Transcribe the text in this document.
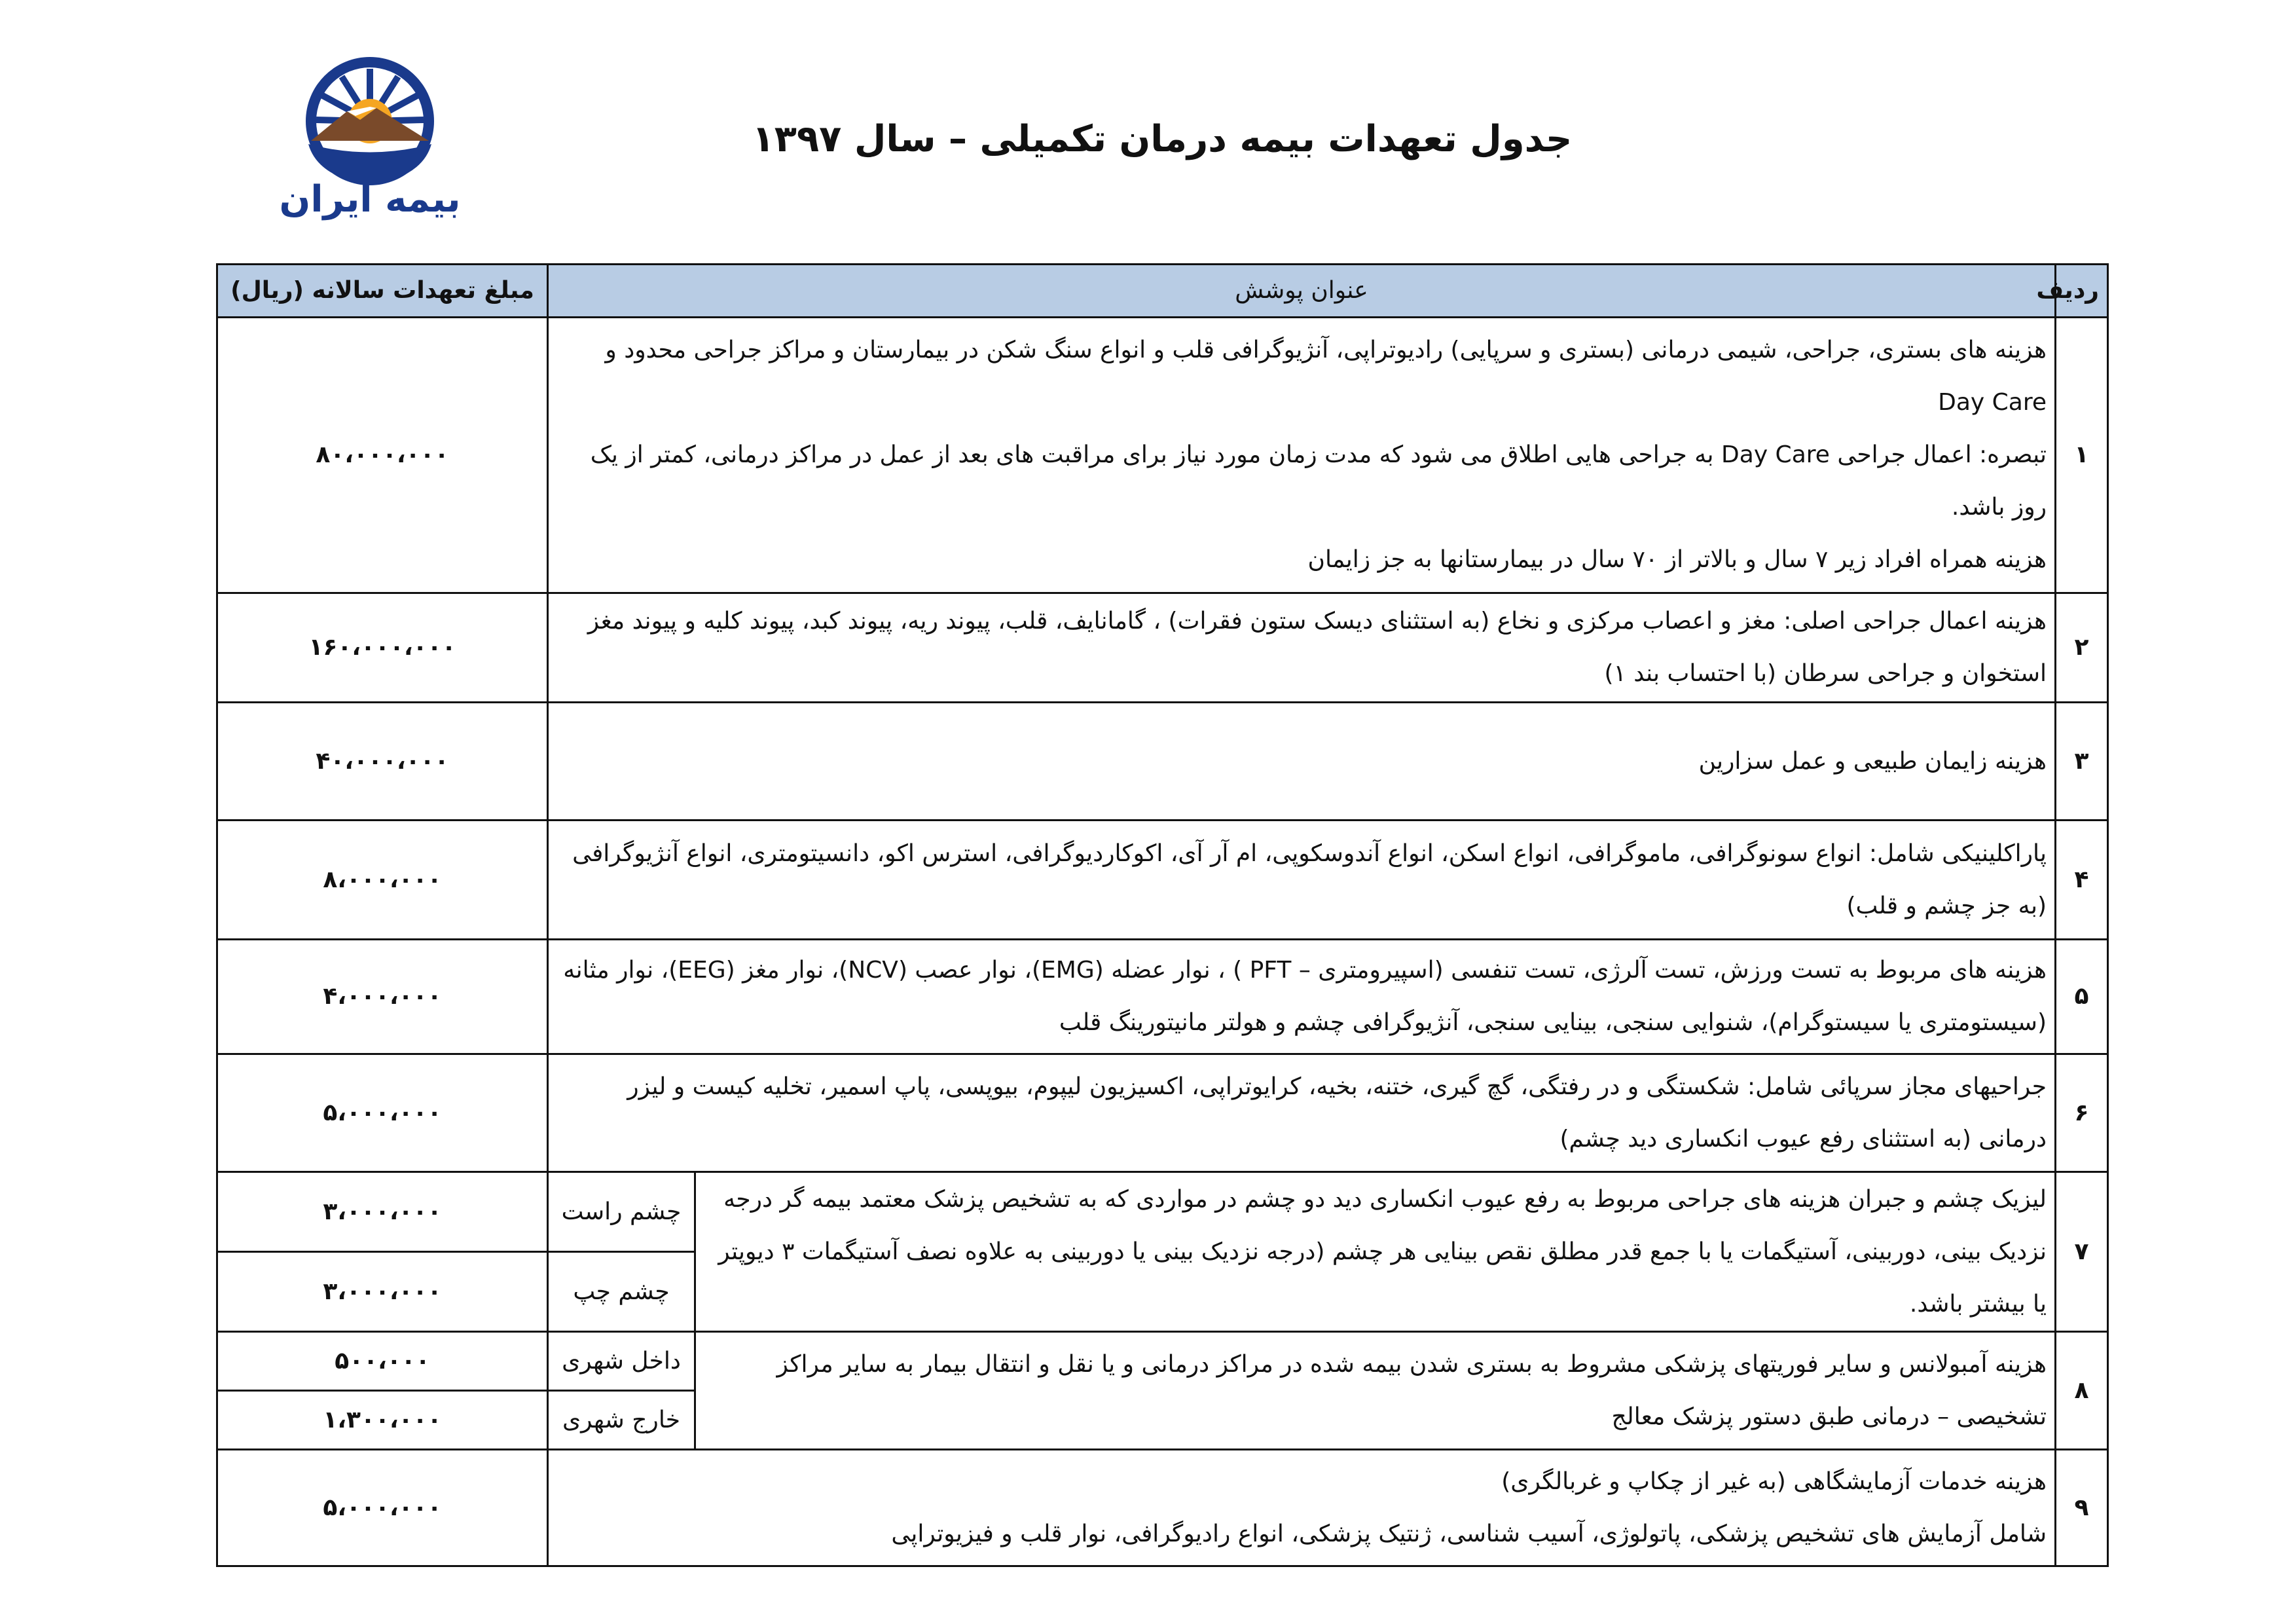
بیمه ایران
جدول تعهدات بیمه درمان تکمیلی – سال ۱۳۹۷
ردیف	عنوان پوشش		مبلغ تعهدات سالانه (ریال)
۱	هزینه های بستری، جراحی، شیمی درمانی (بستری و سرپایی) رادیوتراپی، آنژیوگرافی قلب و انواع سنگ شکن در بیمارستان و مراکز جراحی محدود و Day Care

تبصره: اعمال جراحی Day Care به جراحی هایی اطلاق می شود که مدت زمان مورد نیاز برای مراقبت های بعد از عمل در مراکز درمانی، کمتر از یک روز باشد.

هزینه همراه افراد زیر ۷ سال و بالاتر از ۷۰ سال در بیمارستانها به جز زایمان		۸۰،۰۰۰،۰۰۰
۲	هزینه اعمال جراحی اصلی: مغز و اعصاب مرکزی و نخاع (به استثنای دیسک ستون فقرات) ، گامانایف، قلب، پیوند ریه، پیوند کبد، پیوند کلیه و پیوند مغز استخوان و جراحی سرطان (با احتساب بند ۱)		۱۶۰،۰۰۰،۰۰۰
۳	هزینه زایمان طبیعی و عمل سزارین		۴۰،۰۰۰،۰۰۰
۴	پاراکلینیکی شامل: انواع سونوگرافی، ماموگرافی، انواع اسکن، انواع آندوسکوپی، ام آر آی، اکوکاردیوگرافی، استرس اکو، دانسیتومتری، انواع آنژیوگرافی (به جز چشم و قلب)		۸،۰۰۰،۰۰۰
۵	هزینه های مربوط به تست ورزش، تست آلرژی، تست تنفسی (اسپیرومتری – PFT ) ، نوار عضله (EMG)، نوار عصب (NCV)، نوار مغز (EEG)، نوار مثانه (سیستومتری یا سیستوگرام)، شنوایی سنجی، بینایی سنجی، آنژیوگرافی چشم و هولتر مانیتورینگ قلب		۴،۰۰۰،۰۰۰
۶	جراحیهای مجاز سرپائی شامل: شکستگی و در رفتگی، گچ گیری، ختنه، بخیه، کرایوتراپی، اکسیزیون لیپوم، بیوپسی، پاپ اسمیر، تخلیه کیست و لیزر درمانی (به استثنای رفع عیوب انکساری دید چشم)		۵،۰۰۰،۰۰۰
۷	لیزیک چشم و جبران هزینه های جراحی مربوط به رفع عیوب انکساری دید دو چشم در مواردی که به تشخیص پزشک معتمد بیمه گر درجه نزدیک بینی، دوربینی، آستیگمات یا با جمع قدر مطلق نقص بینایی هر چشم (درجه نزدیک بینی یا دوربینی به علاوه نصف آستیگمات ۳ دیوپتر یا بیشتر باشد.	چشم راست	۳،۰۰۰،۰۰۰
		چشم چپ	۳،۰۰۰،۰۰۰
۸	هزینه آمبولانس و سایر فوریتهای پزشکی مشروط به بستری شدن بیمه شده در مراکز درمانی و یا نقل و انتقال بیمار به سایر مراکز تشخیصی – درمانی طبق دستور پزشک معالج	داخل شهری	۵۰۰،۰۰۰
		خارج شهری	۱،۳۰۰،۰۰۰
۹	هزینه خدمات آزمایشگاهی (به غیر از چکاپ و غربالگری)

شامل آزمایش های تشخیص پزشکی، پاتولوژی، آسیب شناسی، ژنتیک پزشکی، انواع رادیوگرافی، نوار قلب و فیزیوتراپی		۵،۰۰۰،۰۰۰
